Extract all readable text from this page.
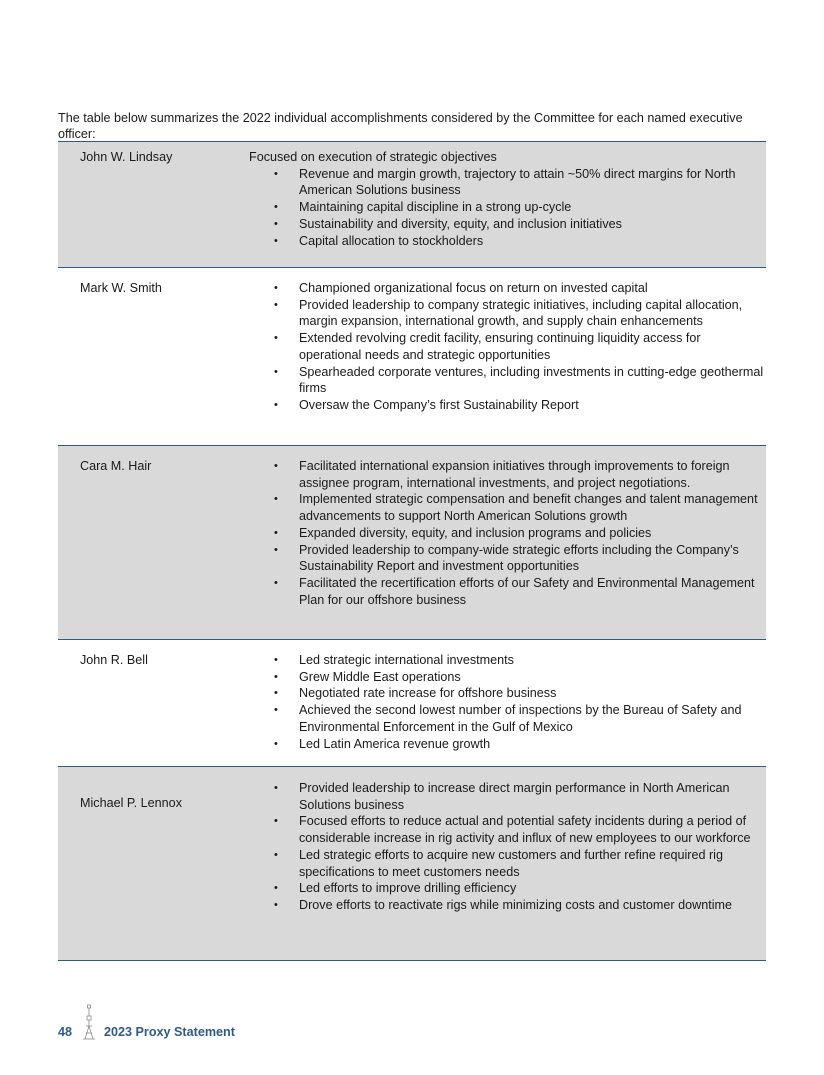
The table below summarizes the 2022 individual accomplishments considered by the Committee for each named executive officer:

John W. Lindsay	Focused on execution of strategic objectives

• Revenue and margin growth, trajectory to attain ~50% direct margins for North American Solutions business
• Maintaining capital discipline in a strong up-cycle
• Sustainability and diversity, equity, and inclusion initiatives
• Capital allocation to stockholders
Mark W. Smith	• Championed organizational focus on return on invested capital
• Provided leadership to company strategic initiatives, including capital allocation, margin expansion, international growth, and supply chain enhancements
• Extended revolving credit facility, ensuring continuing liquidity access for operational needs and strategic opportunities
• Spearheaded corporate ventures, including investments in cutting-edge geothermal firms
• Oversaw the Company’s first Sustainability Report
Cara M. Hair	• Facilitated international expansion initiatives through improvements to foreign assignee program, international investments, and project negotiations.
• Implemented strategic compensation and benefit changes and talent management advancements to support North American Solutions growth
• Expanded diversity, equity, and inclusion programs and policies
• Provided leadership to company-wide strategic efforts including the Company’s Sustainability Report and investment opportunities
• Facilitated the recertification efforts of our Safety and Environmental Management Plan for our offshore business
John R. Bell	• Led strategic international investments
• Grew Middle East operations
• Negotiated rate increase for offshore business
• Achieved the second lowest number of inspections by the Bureau of Safety and Environmental Enforcement in the Gulf of Mexico
• Led Latin America revenue growth
Michael P. Lennox
• Provided leadership to increase direct margin performance in North American Solutions business
• Focused efforts to reduce actual and potential safety incidents during a period of considerable increase in rig activity and influx of new employees to our workforce
• Led strategic efforts to acquire new customers and further refine required rig specifications to meet customers needs
• Led efforts to improve drilling efficiency
• Drove efforts to reactivate rigs while minimizing costs and customer downtime
48	2023 Proxy Statement
